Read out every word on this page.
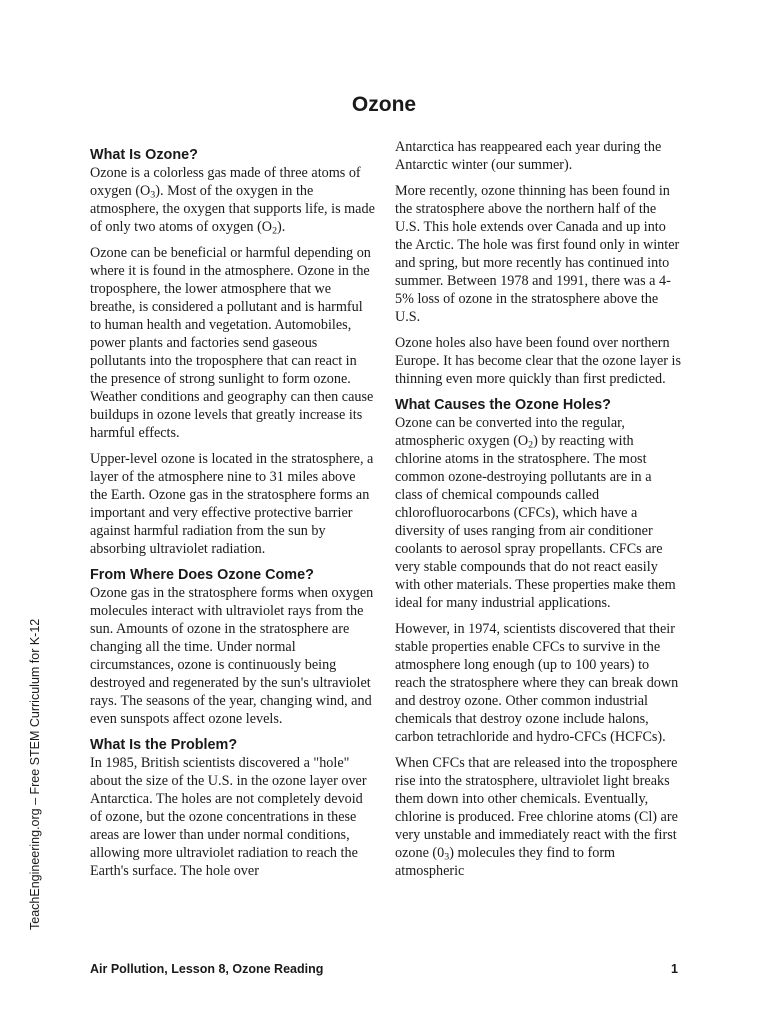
Ozone
What Is Ozone?

Ozone is a colorless gas made of three atoms of oxygen $(O_3)$. Most of the oxygen in the atmosphere, the oxygen that supports life, is made of only two atoms of oxygen $(O_2)$.

Ozone can be beneficial or harmful depending on where it is found in the atmosphere. Ozone in the troposphere, the lower atmosphere that we breathe, is considered a pollutant and is harmful to human health and vegetation. Automobiles, power plants and factories send gaseous pollutants into the troposphere that can react in the presence of strong sunlight to form ozone. Weather conditions and geography can then cause buildups in ozone levels that greatly increase its harmful effects.

Upper-level ozone is located in the stratosphere, a layer of the atmosphere nine to 31 miles above the Earth. Ozone gas in the stratosphere forms an important and very effective protective barrier against harmful radiation from the sun by absorbing ultraviolet radiation.

From Where Does Ozone Come?

Ozone gas in the stratosphere forms when oxygen molecules interact with ultraviolet rays from the sun. Amounts of ozone in the stratosphere are changing all the time. Under normal circumstances, ozone is continuously being destroyed and regenerated by the sun's ultraviolet rays. The seasons of the year, changing wind, and even sunspots affect ozone levels.

What Is the Problem?

In 1985, British scientists discovered a "hole" about the size of the U.S. in the ozone layer over Antarctica. The holes are not completely devoid of ozone, but the ozone concentrations in these areas are lower than under normal conditions, allowing more ultraviolet radiation to reach the Earth's surface. The hole over

Antarctica has reappeared each year during the Antarctic winter (our summer).

More recently, ozone thinning has been found in the stratosphere above the northern half of the U.S. This hole extends over Canada and up into the Arctic. The hole was first found only in winter and spring, but more recently has continued into summer. Between 1978 and 1991, there was a 4-5% loss of ozone in the stratosphere above the U.S.

Ozone holes also have been found over northern Europe. It has become clear that the ozone layer is thinning even more quickly than first predicted.

What Causes the Ozone Holes?

Ozone can be converted into the regular, atmospheric oxygen $(O_2)$ by reacting with chlorine atoms in the stratosphere. The most common ozone-destroying pollutants are in a class of chemical compounds called chlorofluorocarbons (CFCs), which have a diversity of uses ranging from air conditioner coolants to aerosol spray propellants. CFCs are very stable compounds that do not react easily with other materials. These properties make them ideal for many industrial applications.

However, in 1974, scientists discovered that their stable properties enable CFCs to survive in the atmosphere long enough (up to 100 years) to reach the stratosphere where they can break down and destroy ozone. Other common industrial chemicals that destroy ozone include halons, carbon tetrachloride and hydro-CFCs (HCFCs).

When CFCs that are released into the troposphere rise into the stratosphere, ultraviolet light breaks them down into other chemicals. Eventually, chlorine is produced. Free chlorine atoms (Cl) are very unstable and immediately react with the first ozone $(0_3)$ molecules they find to form atmospheric

TeachEngineering.org – Free STEM Curriculum for K-12
Air Pollution, Lesson 8, Ozone Reading	1
